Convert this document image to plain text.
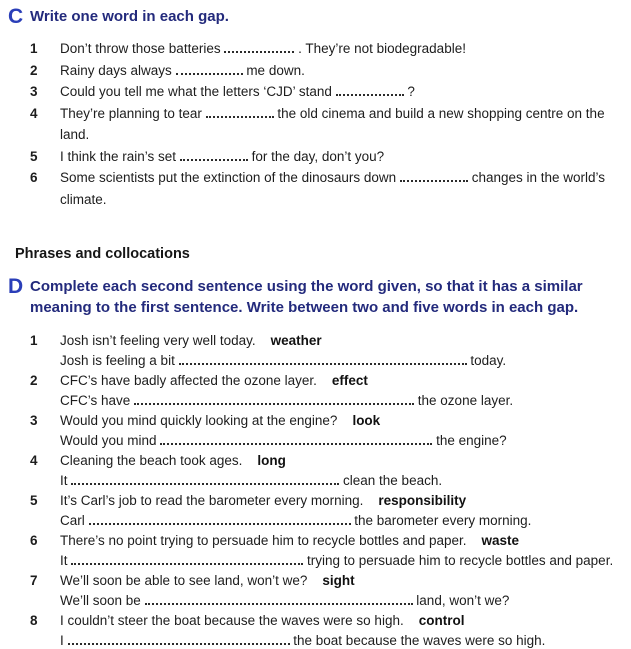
C Write one word in each gap.
1	Don’t throw those batteries	. They’re not biodegradable!

2	Rainy days always	me down.

3	Could you tell me what the letters ‘CJD’ stand	?

4	They’re planning to tear	the old cinema and build a new shopping centre on the land.

5	I think the rain’s set	for the day, don’t you?

6	Some scientists put the extinction of the dinosaurs down	changes in the world’s climate.

Phrases and collocations
D Complete each second sentence using the word given, so that it has a similar meaning to the first sentence. Write between two and five words in each gap.
1	Josh isn’t feeling very well today. weather

Josh is feeling a bit	today.

2	CFC’s have badly affected the ozone layer. effect

CFC’s have	the ozone layer.

3	Would you mind quickly looking at the engine? look

Would you mind	the engine?

4	Cleaning the beach took ages. long

It	clean the beach.

5	It’s Carl’s job to read the barometer every morning. responsibility

Carl	the barometer every morning.

6	There’s no point trying to persuade him to recycle bottles and paper. waste

It	trying to persuade him to recycle bottles and paper.

7	We’ll soon be able to see land, won’t we? sight

We’ll soon be	land, won’t we?

8	I couldn’t steer the boat because the waves were so high. control

I	the boat because the waves were so high.
